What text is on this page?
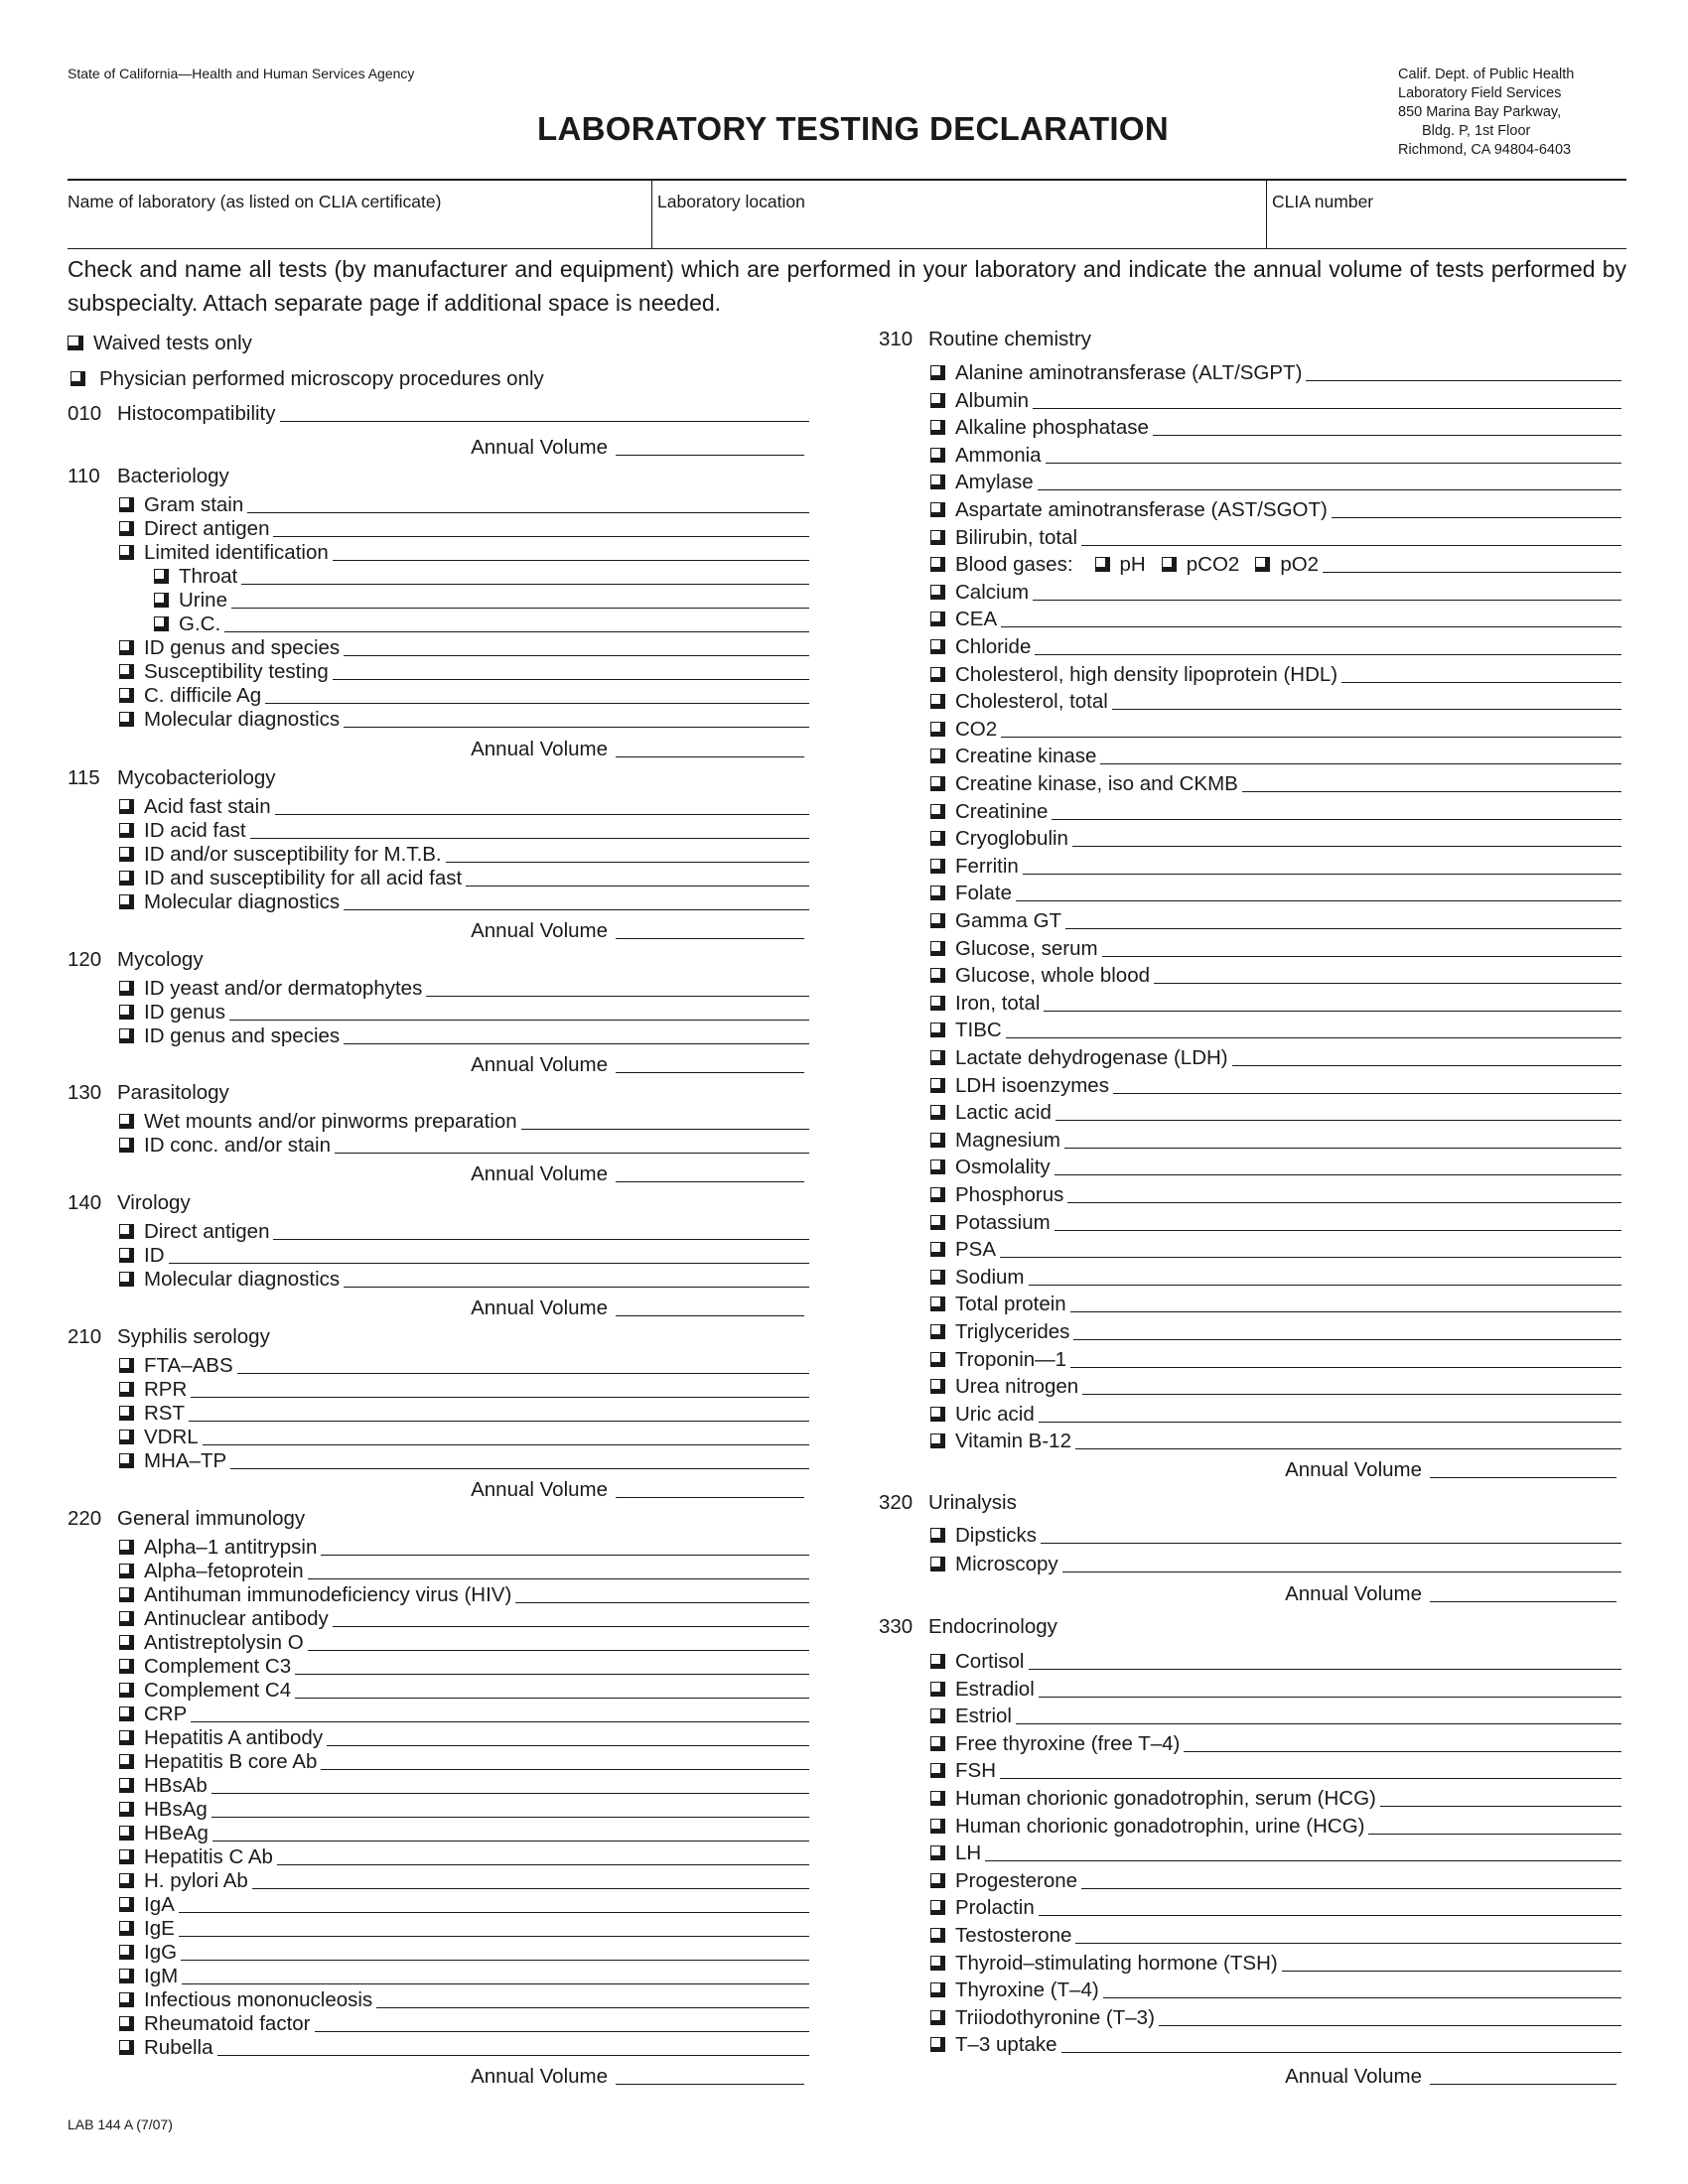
State of California—Health and Human Services Agency
LABORATORY TESTING DECLARATION
Calif. Dept. of Public Health
Laboratory Field Services
850 Marina Bay Parkway,
Bldg. P, 1st Floor
Richmond, CA 94804-6403
Name of laboratory (as listed on CLIA certificate)	Laboratory location	CLIA number
Check and name all tests (by manufacturer and equipment) which are performed in your laboratory and indicate the annual volume of tests performed by subspecialty. Attach separate page if additional space is needed.
Waived tests only
Physician performed microscopy procedures only
010 Histocompatibility
Annual Volume
110 Bacteriology
Gram stain
Direct antigen
Limited identification
Throat
Urine
G.C.
ID genus and species
Susceptibility testing
C. difficile Ag
Molecular diagnostics
Annual Volume
115 Mycobacteriology
Acid fast stain
ID acid fast
ID and/or susceptibility for M.T.B.
ID and susceptibility for all acid fast
Molecular diagnostics
Annual Volume
120 Mycology
ID yeast and/or dermatophytes
ID genus
ID genus and species
Annual Volume
130 Parasitology
Wet mounts and/or pinworms preparation
ID conc. and/or stain
Annual Volume
140 Virology
Direct antigen
ID
Molecular diagnostics
Annual Volume
210 Syphilis serology
FTA–ABS
RPR
RST
VDRL
MHA–TP
Annual Volume
220 General immunology
Alpha–1 antitrypsin
Alpha–fetoprotein
Antihuman immunodeficiency virus (HIV)
Antinuclear antibody
Antistreptolysin O
Complement C3
Complement C4
CRP
Hepatitis A antibody
Hepatitis B core Ab
HBsAb
HBsAg
HBeAg
Hepatitis C Ab
H. pylori Ab
IgA
IgE
IgG
IgM
Infectious mononucleosis
Rheumatoid factor
Rubella
Annual Volume
310 Routine chemistry
Alanine aminotransferase (ALT/SGPT)
Albumin
Alkaline phosphatase
Ammonia
Amylase
Aspartate aminotransferase (AST/SGOT)
Bilirubin, total
Blood gases: pH pCO2 pO2
Calcium
CEA
Chloride
Cholesterol, high density lipoprotein (HDL)
Cholesterol, total
CO2
Creatine kinase
Creatine kinase, iso and CKMB
Creatinine
Cryoglobulin
Ferritin
Folate
Gamma GT
Glucose, serum
Glucose, whole blood
Iron, total
TIBC
Lactate dehydrogenase (LDH)
LDH isoenzymes
Lactic acid
Magnesium
Osmolality
Phosphorus
Potassium
PSA
Sodium
Total protein
Triglycerides
Troponin—1
Urea nitrogen
Uric acid
Vitamin B-12
Annual Volume
320 Urinalysis
Dipsticks
Microscopy
Annual Volume
330 Endocrinology
Cortisol
Estradiol
Estriol
Free thyroxine (free T–4)
FSH
Human chorionic gonadotrophin, serum (HCG)
Human chorionic gonadotrophin, urine (HCG)
LH
Progesterone
Prolactin
Testosterone
Thyroid–stimulating hormone (TSH)
Thyroxine (T–4)
Triiodothyronine (T–3)
T–3 uptake
Annual Volume
LAB 144 A (7/07)
